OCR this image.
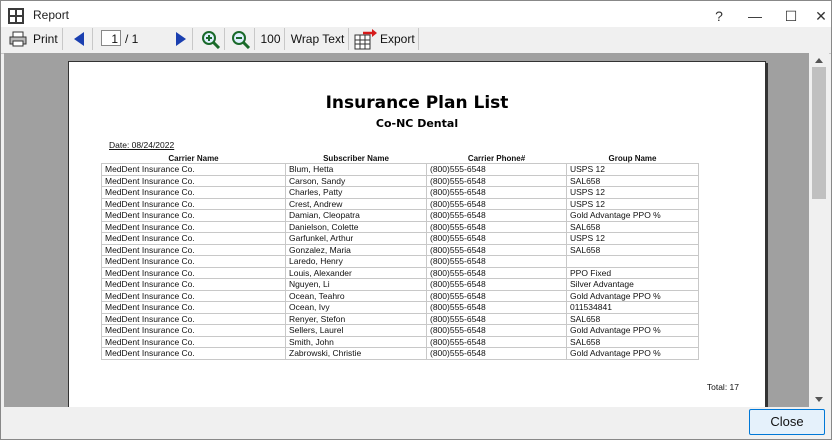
Report	?	—	☐	✕
Print	1 / 1	100 Wrap Text	Export
Insurance Plan List
Co-NC Dental
Date: 08/24/2022
Carrier Name	Subscriber Name	Carrier Phone#	Group Name
MedDent Insurance Co.	Blum, Hetta	(800)555-6548	USPS 12
MedDent Insurance Co.	Carson, Sandy	(800)555-6548	SAL658
MedDent Insurance Co.	Charles, Patty	(800)555-6548	USPS 12
MedDent Insurance Co.	Crest, Andrew	(800)555-6548	USPS 12
MedDent Insurance Co.	Damian, Cleopatra	(800)555-6548	Gold Advantage PPO %
MedDent Insurance Co.	Danielson, Colette	(800)555-6548	SAL658
MedDent Insurance Co.	Garfunkel, Arthur	(800)555-6548	USPS 12
MedDent Insurance Co.	Gonzalez, Maria	(800)555-6548	SAL658
MedDent Insurance Co.	Laredo, Henry	(800)555-6548	
MedDent Insurance Co.	Louis, Alexander	(800)555-6548	PPO Fixed
MedDent Insurance Co.	Nguyen, Li	(800)555-6548	Silver Advantage
MedDent Insurance Co.	Ocean, Teahro	(800)555-6548	Gold Advantage PPO %
MedDent Insurance Co.	Ocean, Ivy	(800)555-6548	011534841
MedDent Insurance Co.	Renyer, Stefon	(800)555-6548	SAL658
MedDent Insurance Co.	Sellers, Laurel	(800)555-6548	Gold Advantage PPO %
MedDent Insurance Co.	Smith, John	(800)555-6548	SAL658
MedDent Insurance Co.	Zabrowski, Christie	(800)555-6548	Gold Advantage PPO %
Total: 17
Close
